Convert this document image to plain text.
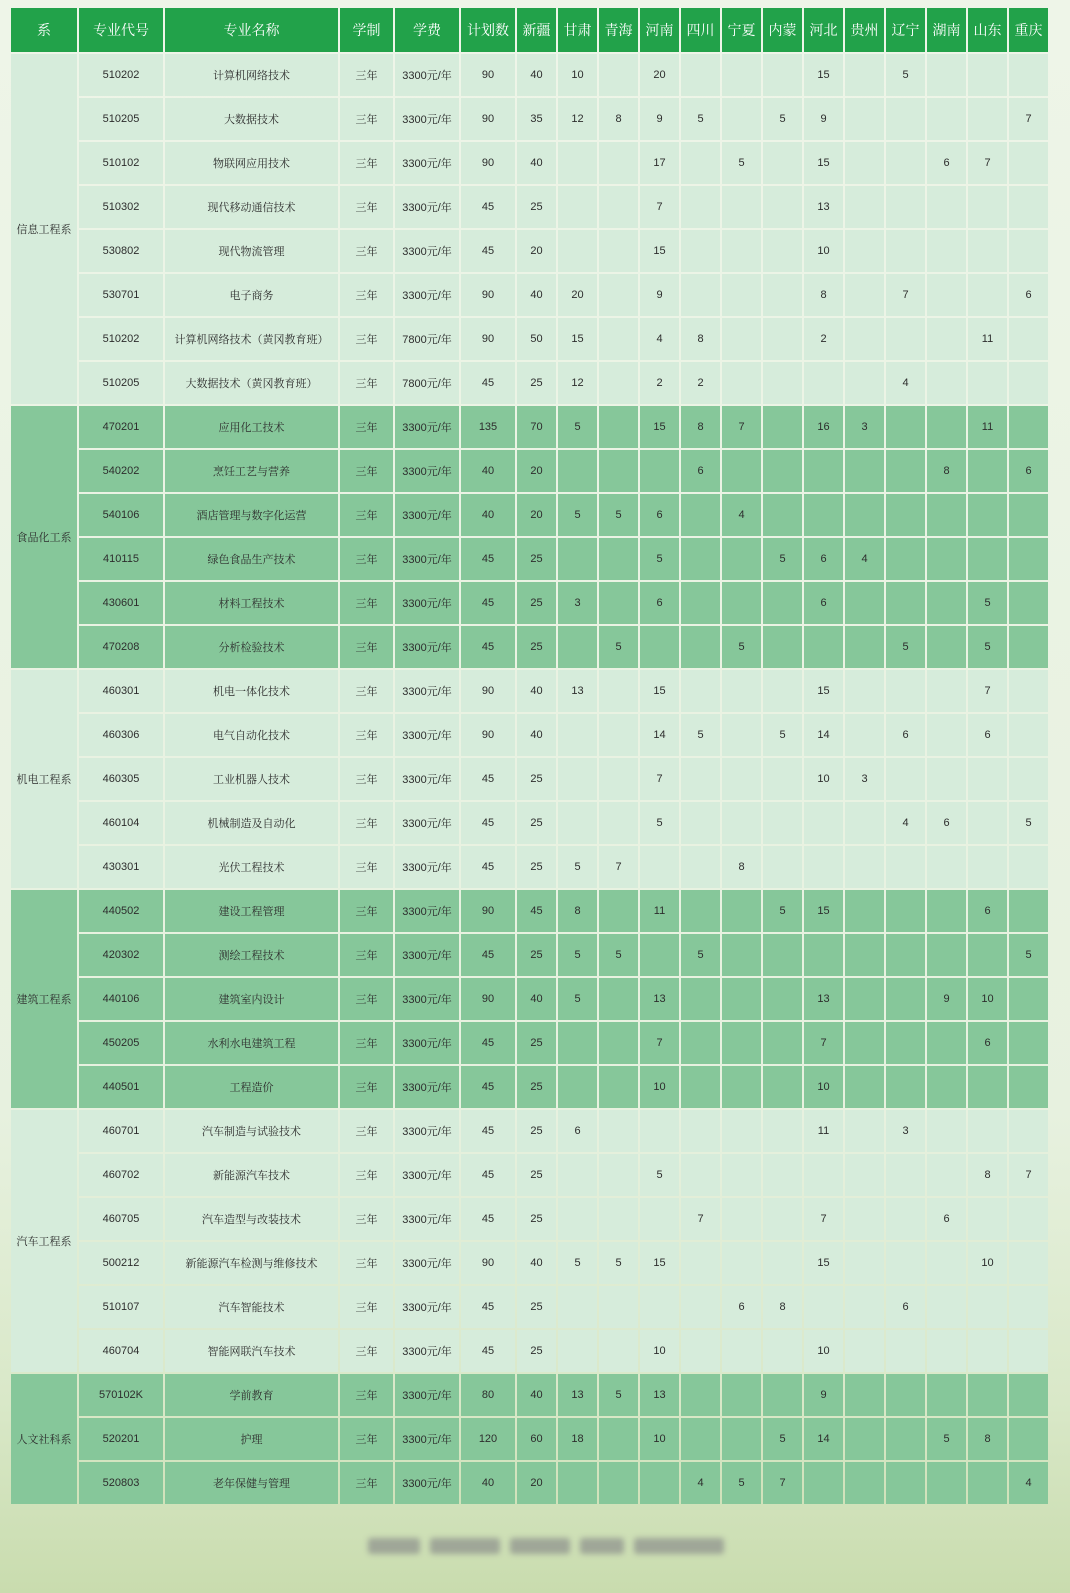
系	专业代号	专业名称	学制	学费	计划数	新疆	甘肃	青海	河南	四川	宁夏	内蒙	河北	贵州	辽宁	湖南	山东	重庆
信息工程系	510202	计算机网络技术	三年	3300元/年	90	40	10		20				15		5			
	510205	大数据技术	三年	3300元/年	90	35	12	8	9	5		5	9					7
	510102	物联网应用技术	三年	3300元/年	90	40			17		5		15			6	7	
	510302	现代移动通信技术	三年	3300元/年	45	25			7				13					
	530802	现代物流管理	三年	3300元/年	45	20			15				10					
	530701	电子商务	三年	3300元/年	90	40	20		9				8		7			6
	510202	计算机网络技术（黄冈教育班）	三年	7800元/年	90	50	15		4	8			2				11	
	510205	大数据技术（黄冈教育班）	三年	7800元/年	45	25	12		2	2					4			
食品化工系	470201	应用化工技术	三年	3300元/年	135	70	5		15	8	7		16	3			11	
	540202	烹饪工艺与营养	三年	3300元/年	40	20				6						8		6
	540106	酒店管理与数字化运营	三年	3300元/年	40	20	5	5	6		4							
	410115	绿色食品生产技术	三年	3300元/年	45	25			5			5	6	4				
	430601	材料工程技术	三年	3300元/年	45	25	3		6				6				5	
	470208	分析检验技术	三年	3300元/年	45	25		5			5				5		5	
机电工程系	460301	机电一体化技术	三年	3300元/年	90	40	13		15				15				7	
	460306	电气自动化技术	三年	3300元/年	90	40			14	5		5	14		6		6	
	460305	工业机器人技术	三年	3300元/年	45	25			7				10	3				
	460104	机械制造及自动化	三年	3300元/年	45	25			5						4	6		5
	430301	光伏工程技术	三年	3300元/年	45	25	5	7			8							
建筑工程系	440502	建设工程管理	三年	3300元/年	90	45	8		11			5	15				6	
	420302	测绘工程技术	三年	3300元/年	45	25	5	5		5								5
	440106	建筑室内设计	三年	3300元/年	90	40	5		13				13			9	10	
	450205	水利水电建筑工程	三年	3300元/年	45	25			7				7				6	
	440501	工程造价	三年	3300元/年	45	25			10				10					
汽车工程系	460701	汽车制造与试验技术	三年	3300元/年	45	25	6						11		3			
	460702	新能源汽车技术	三年	3300元/年	45	25			5								8	7
	460705	汽车造型与改装技术	三年	3300元/年	45	25				7			7			6		
	500212	新能源汽车检测与维修技术	三年	3300元/年	90	40	5	5	15				15				10	
	510107	汽车智能技术	三年	3300元/年	45	25					6	8			6			
	460704	智能网联汽车技术	三年	3300元/年	45	25			10				10					
人文社科系	570102K	学前教育	三年	3300元/年	80	40	13	5	13				9					
	520201	护理	三年	3300元/年	120	60	18		10			5	14			5	8	
	520803	老年保健与管理	三年	3300元/年	40	20				4	5	7						4
